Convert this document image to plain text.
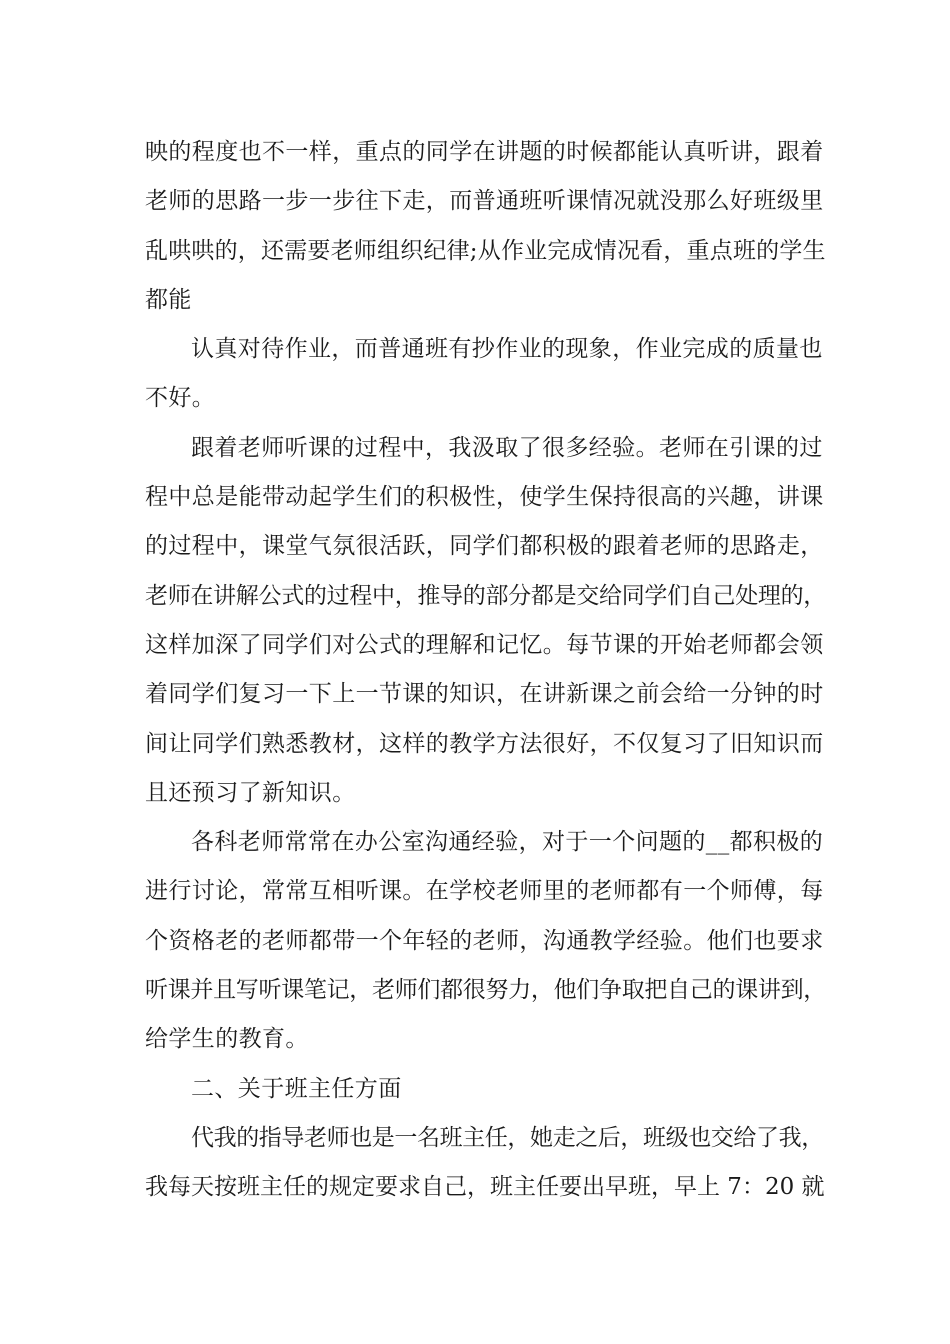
映的程度也不一样，重点的同学在讲题的时候都能认真听讲，跟着
老师的思路一步一步往下走，而普通班听课情况就没那么好班级里
乱哄哄的，还需要老师组织纪律;从作业完成情况看，重点班的学生
都能
认真对待作业，而普通班有抄作业的现象，作业完成的质量也
不好。
跟着老师听课的过程中，我汲取了很多经验。老师在引课的过
程中总是能带动起学生们的积极性，使学生保持很高的兴趣，讲课
的过程中，课堂气氛很活跃，同学们都积极的跟着老师的思路走，
老师在讲解公式的过程中，推导的部分都是交给同学们自己处理的，
这样加深了同学们对公式的理解和记忆。每节课的开始老师都会领
着同学们复习一下上一节课的知识，在讲新课之前会给一分钟的时
间让同学们熟悉教材，这样的教学方法很好，不仅复习了旧知识而
且还预习了新知识。
各科老师常常在办公室沟通经验，对于一个问题的__都积极的
进行讨论，常常互相听课。在学校老师里的老师都有一个师傅，每
个资格老的老师都带一个年轻的老师，沟通教学经验。他们也要求
听课并且写听课笔记，老师们都很努力，他们争取把自己的课讲到，
给学生的教育。
二、关于班主任方面
代我的指导老师也是一名班主任，她走之后，班级也交给了我，
我每天按班主任的规定要求自己，班主任要出早班，早上 7：20 就
